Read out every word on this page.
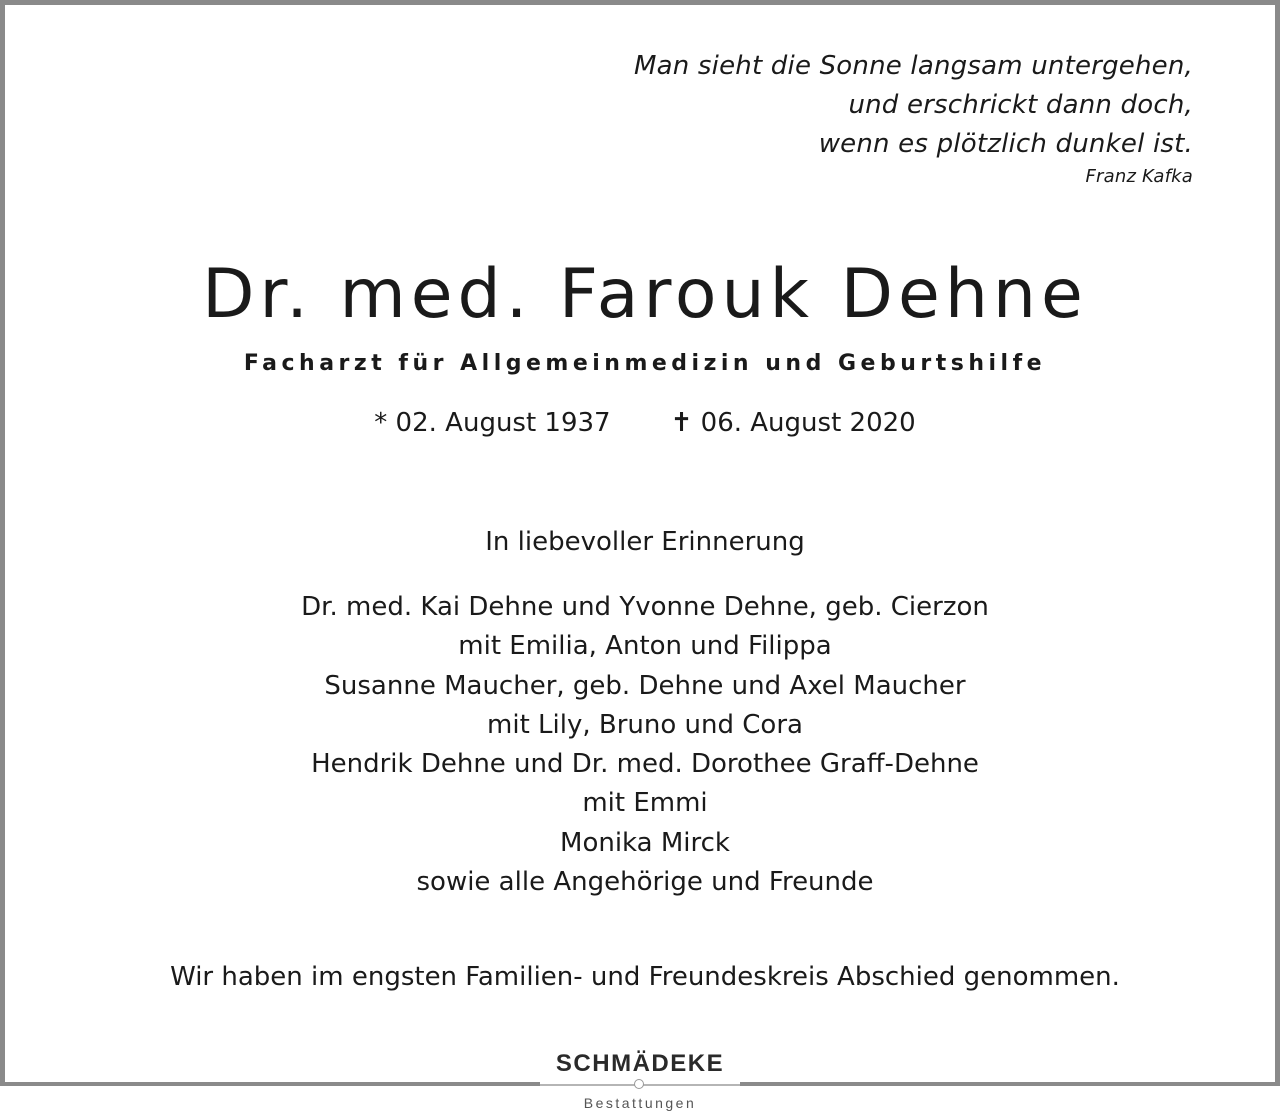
Man sieht die Sonne langsam untergehen,
und erschrickt dann doch,
wenn es plötzlich dunkel ist.
Franz Kafka
Dr. med. Farouk Dehne
Facharzt für Allgemeinmedizin und Geburtshilfe
* 02. August 1937 ✝ 06. August 2020
In liebevoller Erinnerung
Dr. med. Kai Dehne und Yvonne Dehne, geb. Cierzon
mit Emilia, Anton und Filippa
Susanne Maucher, geb. Dehne und Axel Maucher
mit Lily, Bruno und Cora
Hendrik Dehne und Dr. med. Dorothee Graff-Dehne
mit Emmi
Monika Mirck
sowie alle Angehörige und Freunde
Wir haben im engsten Familien- und Freundeskreis Abschied genommen.
SCHMÄDEKE
Bestattungen
